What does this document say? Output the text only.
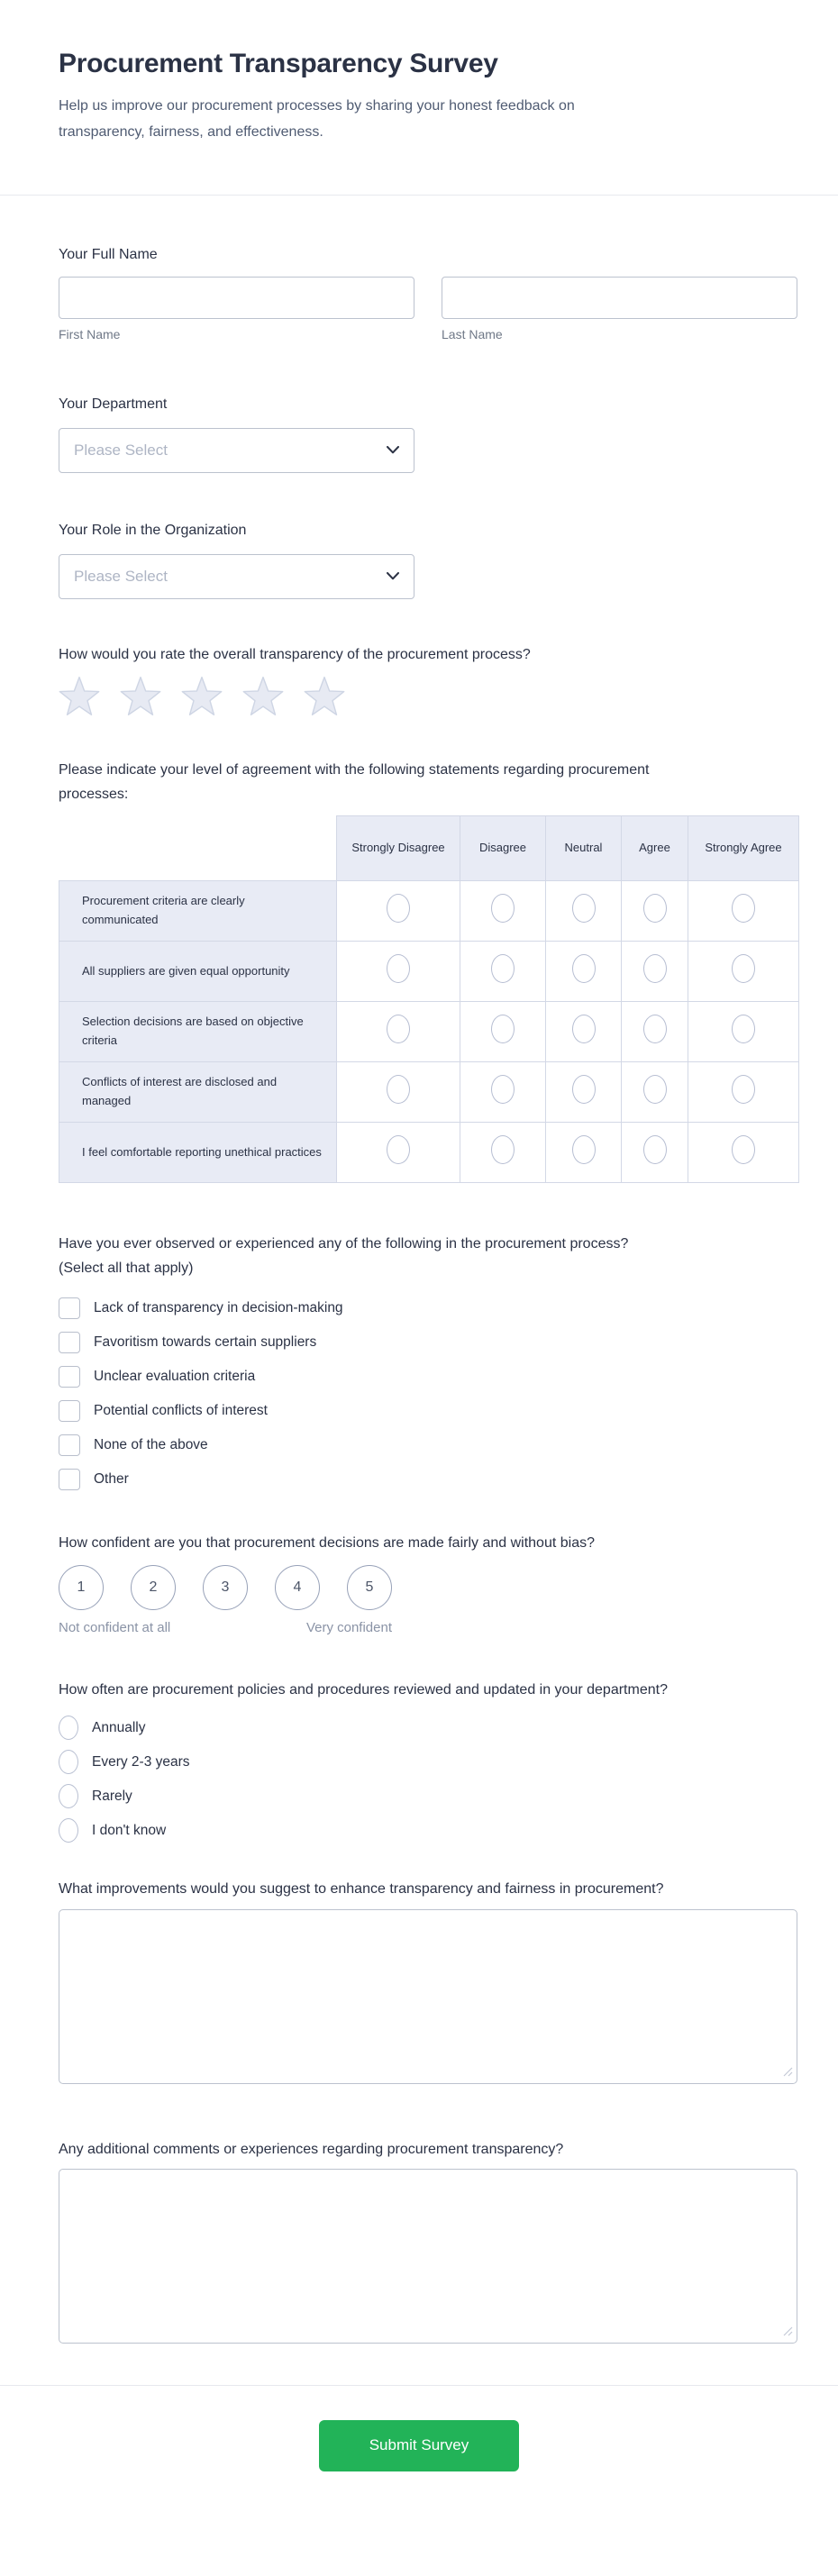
Procurement Transparency Survey

Help us improve our procurement processes by sharing your honest feedback on transparency, fairness, and effectiveness.

Your Full Name
First Name	Last Name
Your Department
Please Select
Your Role in the Organization
Please Select
How would you rate the overall transparency of the procurement process?
Please indicate your level of agreement with the following statements regarding procurement processes:
	Strongly Disagree	Disagree	Neutral	Agree	Strongly Agree
Procurement criteria are clearly communicated					
All suppliers are given equal opportunity					
Selection decisions are based on objective criteria					
Conflicts of interest are disclosed and managed					
I feel comfortable reporting unethical practices					
Have you ever observed or experienced any of the following in the procurement process? (Select all that apply)
Lack of transparency in decision-making
Favoritism towards certain suppliers
Unclear evaluation criteria
Potential conflicts of interest
None of the above
Other
How confident are you that procurement decisions are made fairly and without bias?
1	2	3	4	5
Not confident at all	Very confident
How often are procurement policies and procedures reviewed and updated in your department?
Annually
Every 2-3 years
Rarely
I don't know
What improvements would you suggest to enhance transparency and fairness in procurement?
Any additional comments or experiences regarding procurement transparency?
Submit Survey
